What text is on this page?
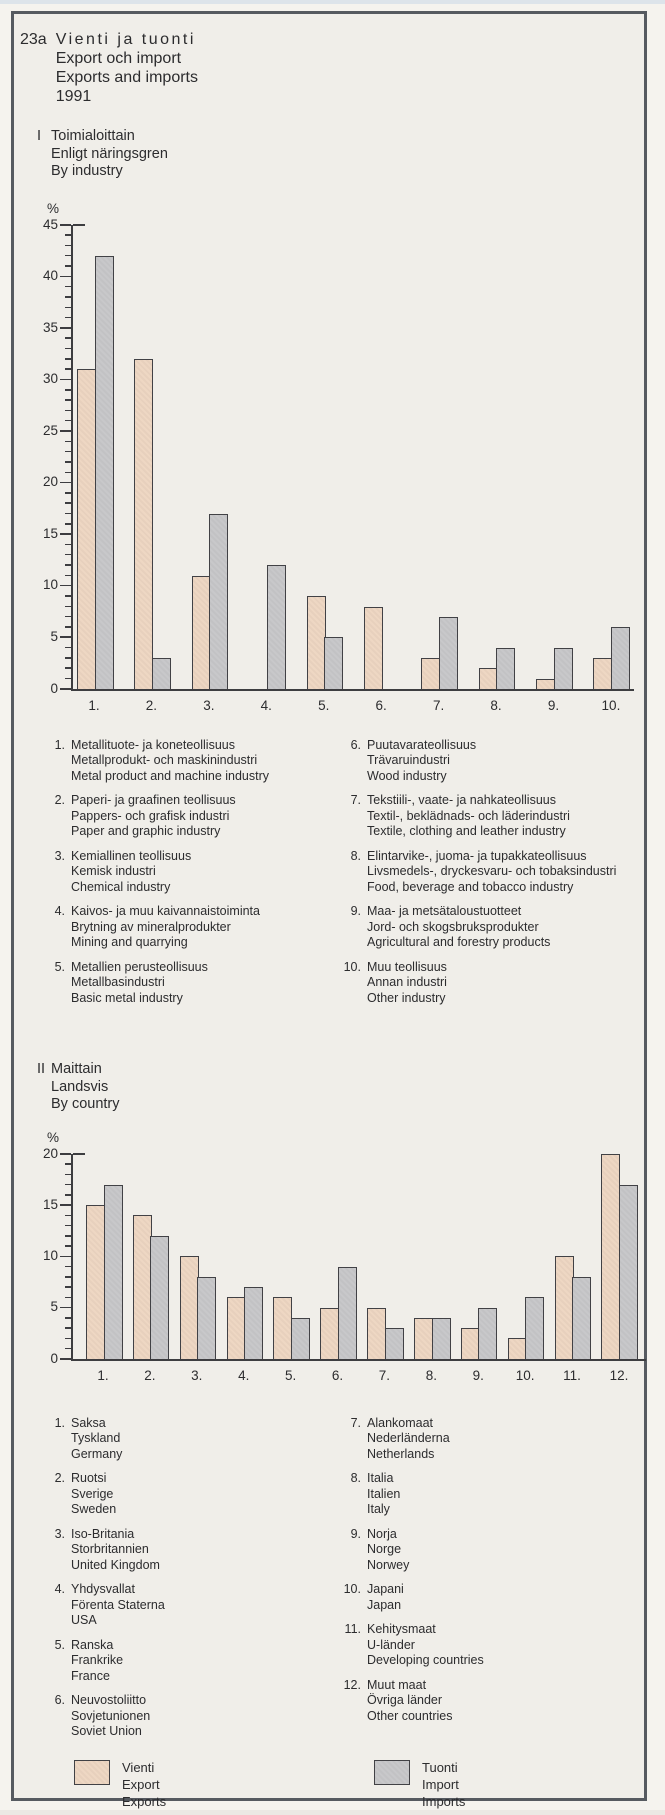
23a Vienti ja tuonti
Export och import
Exports and imports
1991
I Toimialoittain
Enligt näringsgren
By industry
%
0
5
10
15
20
25
30
35
40
45
1.	2.	3.	4.	5.	6.	7.	8.	9.	10.
1. Metallituote- ja koneteollisuus
Metallprodukt- och maskinindustri
Metal product and machine industry
2. Paperi- ja graafinen teollisuus
Pappers- och grafisk industri
Paper and graphic industry
3. Kemiallinen teollisuus
Kemisk industri
Chemical industry
4. Kaivos- ja muu kaivannaistoiminta
Brytning av mineralprodukter
Mining and quarrying
5. Metallien perusteollisuus
Metallbasindustri
Basic metal industry
6. Puutavarateollisuus
Trävaruindustri
Wood industry
7. Tekstiili-, vaate- ja nahkateollisuus
Textil-, beklädnads- och läderindustri
Textile, clothing and leather industry
8. Elintarvike-, juoma- ja tupakkateollisuus
Livsmedels-, dryckesvaru- och tobaksindustri
Food, beverage and tobacco industry
9. Maa- ja metsätaloustuotteet
Jord- och skogsbruksprodukter
Agricultural and forestry products
10. Muu teollisuus
Annan industri
Other industry
II Maittain
Landsvis
By country
%
0
5
10
15
20
1.	2.	3.	4.	5.	6.	7.	8.	9.	10.	11.	12.
1. Saksa
Tyskland
Germany
2. Ruotsi
Sverige
Sweden
3. Iso-Britania
Storbritannien
United Kingdom
4. Yhdysvallat
Förenta Staterna
USA
5. Ranska
Frankrike
France
6. Neuvostoliitto
Sovjetunionen
Soviet Union
7. Alankomaat
Nederländerna
Netherlands
8. Italia
Italien
Italy
9. Norja
Norge
Norwey
10. Japani
Japan
11. Kehitysmaat
U-länder
Developing countries
12. Muut maat
Övriga länder
Other countries
Vienti
Export
Exports
Tuonti
Import
Imports
